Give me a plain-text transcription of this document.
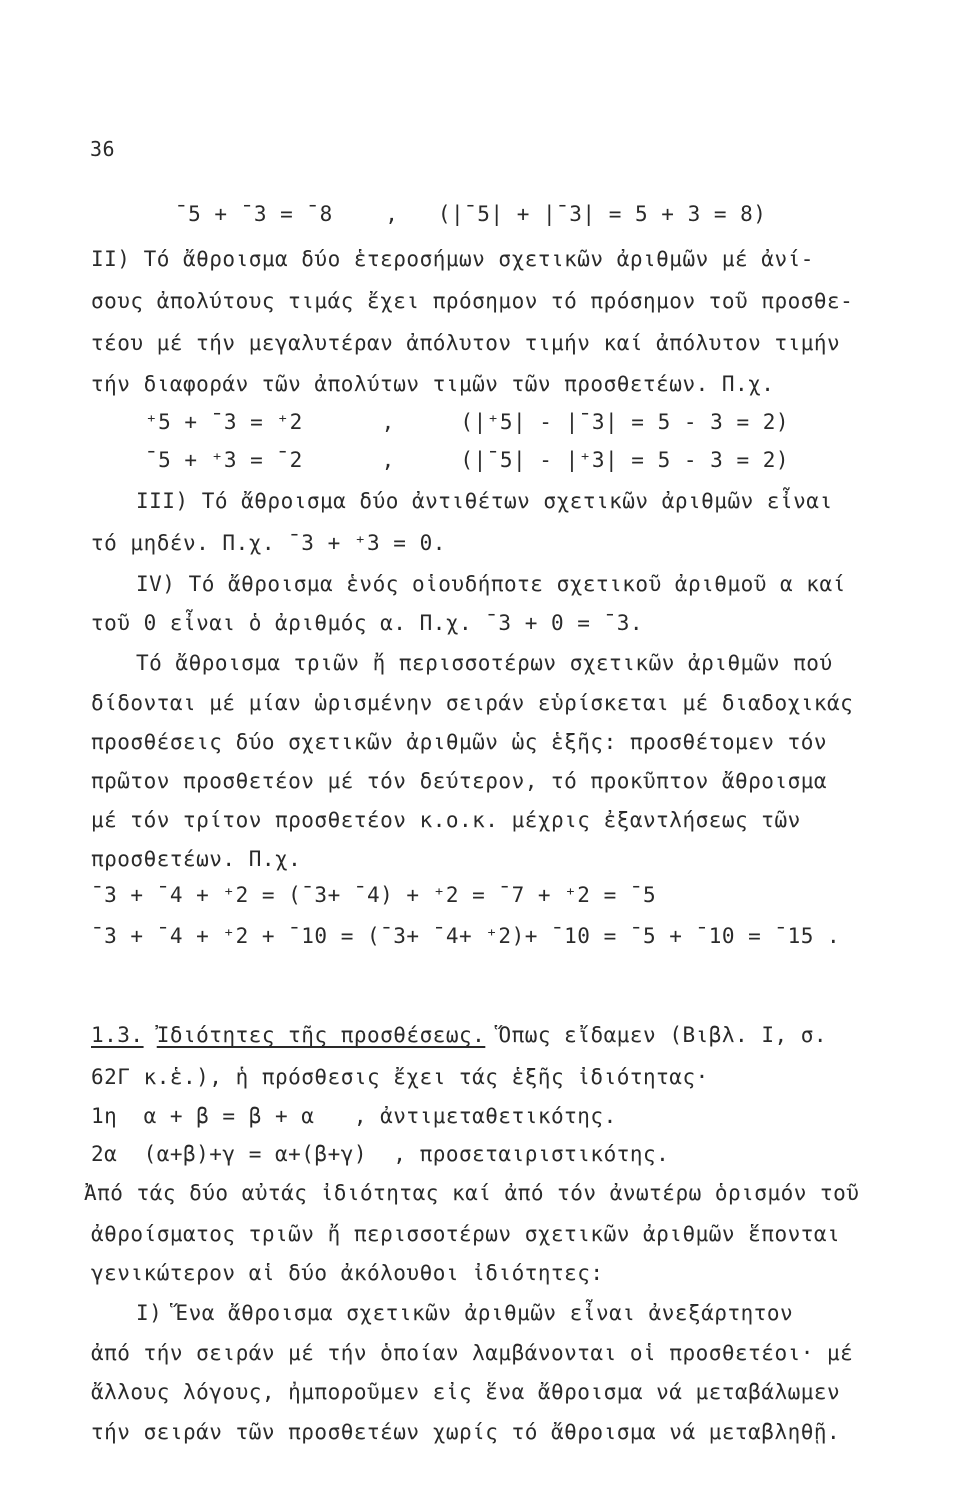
36
¯5 + ¯3 = ¯8    ,   (|¯5| + |¯3| = 5 + 3 = 8)
II) Τό ἄθροισμα δύο ἑτεροσήμων σχετικῶν ἀριθμῶν μέ ἀνί-
σους ἀπολύτους τιμάς ἔχει πρόσημον τό πρόσημον τοῦ προσθε-
τέου μέ τήν μεγαλυτέραν ἀπόλυτον τιμήν καί ἀπόλυτον τιμήν
τήν διαφοράν τῶν ἀπολύτων τιμῶν τῶν προσθετέων. Π.χ.
⁺5 + ¯3 = ⁺2      ,     (|⁺5| - |¯3| = 5 - 3 = 2)
¯5 + ⁺3 = ¯2      ,     (|¯5| - |⁺3| = 5 - 3 = 2)
III) Τό ἄθροισμα δύο ἀντιθέτων σχετικῶν ἀριθμῶν εἶναι
τό μηδέν. Π.χ. ¯3 + ⁺3 = 0.
IV) Τό ἄθροισμα ἑνός οἱουδήποτε σχετικοῦ ἀριθμοῦ α καί
τοῦ 0 εἶναι ὁ ἀριθμός α. Π.χ. ¯3 + 0 = ¯3.
Τό ἄθροισμα τριῶν ἤ περισσοτέρων σχετικῶν ἀριθμῶν πού
δίδονται μέ μίαν ὡρισμένην σειράν εὑρίσκεται μέ διαδοχικάς
προσθέσεις δύο σχετικῶν ἀριθμῶν ὡς ἑξῆς: προσθέτομεν τόν
πρῶτον προσθετέον μέ τόν δεύτερον, τό προκῦπτον ἄθροισμα
μέ τόν τρίτον προσθετέον κ.ο.κ. μέχρις ἐξαντλήσεως τῶν
προσθετέων. Π.χ.
¯3 + ¯4 + ⁺2 = (¯3+ ¯4) + ⁺2 = ¯7 + ⁺2 = ¯5
¯3 + ¯4 + ⁺2 + ¯10 = (¯3+ ¯4+ ⁺2)+ ¯10 = ¯5 + ¯10 = ¯15 .
1.3. Ἰδιότητες τῆς προσθέσεως. Ὅπως εἴδαμεν (Βιβλ. Ι, σ.
62Γ κ.ἑ.), ἡ πρόσθεσις ἔχει τάς ἑξῆς ἰδιότητας·
1η  α + β = β + α   , ἀντιμεταθετικότης.
2α  (α+β)+γ = α+(β+γ)  , προσεταιριστικότης.
Ἀπό τάς δύο αὐτάς ἰδιότητας καί ἀπό τόν ἀνωτέρω ὁρισμόν τοῦ
ἀθροίσματος τριῶν ἤ περισσοτέρων σχετικῶν ἀριθμῶν ἕπονται
γενικώτερον αἱ δύο ἀκόλουθοι ἰδιότητες:
Ι) Ἕνα ἄθροισμα σχετικῶν ἀριθμῶν εἶναι ἀνεξάρτητον
ἀπό τήν σειράν μέ τήν ὁποίαν λαμβάνονται οἱ προσθετέοι· μέ
ἄλλους λόγους, ἠμποροῦμεν εἰς ἕνα ἄθροισμα νά μεταβάλωμεν
τήν σειράν τῶν προσθετέων χωρίς τό ἄθροισμα νά μεταβληθῇ.
